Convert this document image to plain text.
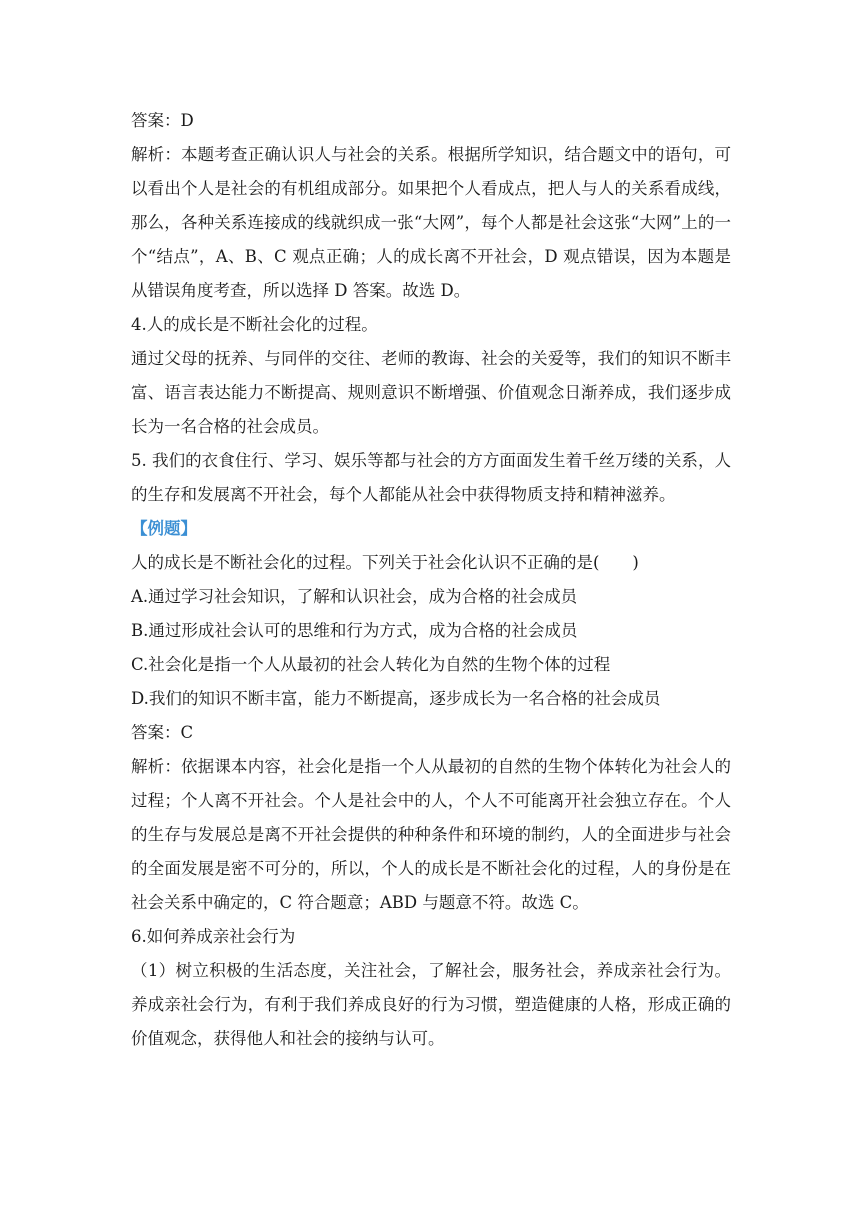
答案：D

解析：本题考查正确认识人与社会的关系。根据所学知识，结合题文中的语句，可以看出个人是社会的有机组成部分。如果把个人看成点，把人与人的关系看成线，那么，各种关系连接成的线就织成一张“大网”，每个人都是社会这张“大网”上的一个“结点”，A、B、C 观点正确；人的成长离不开社会，D 观点错误，因为本题是从错误角度考查，所以选择 D 答案。故选 D。

4.人的成长是不断社会化的过程。

通过父母的抚养、与同伴的交往、老师的教诲、社会的关爱等，我们的知识不断丰富、语言表达能力不断提高、规则意识不断增强、价值观念日渐养成，我们逐步成长为一名合格的社会成员。

5. 我们的衣食住行、学习、娱乐等都与社会的方方面面发生着千丝万缕的关系，人的生存和发展离不开社会，每个人都能从社会中获得物质支持和精神滋养。

【例题】

人的成长是不断社会化的过程。下列关于社会化认识不正确的是(　　)

A.通过学习社会知识，了解和认识社会，成为合格的社会成员

B.通过形成社会认可的思维和行为方式，成为合格的社会成员

C.社会化是指一个人从最初的社会人转化为自然的生物个体的过程

D.我们的知识不断丰富，能力不断提高，逐步成长为一名合格的社会成员

答案：C

解析：依据课本内容，社会化是指一个人从最初的自然的生物个体转化为社会人的过程；个人离不开社会。个人是社会中的人，个人不可能离开社会独立存在。个人的生存与发展总是离不开社会提供的种种条件和环境的制约，人的全面进步与社会的全面发展是密不可分的，所以，个人的成长是不断社会化的过程，人的身份是在社会关系中确定的，C 符合题意；ABD 与题意不符。故选 C。

6.如何养成亲社会行为

（1）树立积极的生活态度，关注社会，了解社会，服务社会，养成亲社会行为。养成亲社会行为，有利于我们养成良好的行为习惯，塑造健康的人格，形成正确的价值观念，获得他人和社会的接纳与认可。
